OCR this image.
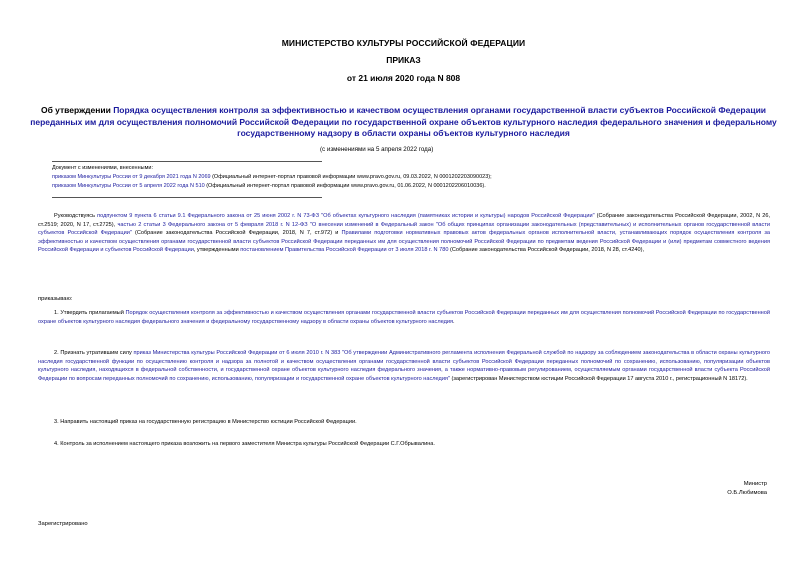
МИНИСТЕРСТВО КУЛЬТУРЫ РОССИЙСКОЙ ФЕДЕРАЦИИ
ПРИКАЗ
от 21 июля 2020 года N 808
Об утверждении Порядка осуществления контроля за эффективностью и качеством осуществления органами государственной власти субъектов Российской Федерации переданных им для осуществления полномочий Российской Федерации по государственной охране объектов культурного наследия федерального значения и федеральному государственному надзору в области охраны объектов культурного наследия
(с изменениями на 5 апреля 2022 года)
Документ с изменениями, внесенными:
приказом Минкультуры России от 9 декабря 2021 года N 2069 (Официальный интернет-портал правовой информации www.pravo.gov.ru, 09.03.2022, N 0001202203090023);
приказом Минкультуры России от 5 апреля 2022 года N 510 (Официальный интернет-портал правовой информации www.pravo.gov.ru, 01.06.2022, N 0001202206010036).
Руководствуясь подпунктом 9 пункта 6 статьи 9.1 Федерального закона от 25 июня 2002 г. N 73-ФЗ "Об объектах культурного наследия (памятниках истории и культуры) народов Российской Федерации" (Собрание законодательства Российской Федерации, 2002, N 26, ст.2519; 2020, N 17, ст.2725), частью 2 статьи 3 Федерального закона от 5 февраля 2018 г. N 12-ФЗ "О внесении изменений в Федеральный закон "Об общих принципах организации законодательных (представительных) и исполнительных органов государственной власти субъектов Российской Федерации" (Собрание законодательства Российской Федерации, 2018, N 7, ст.972) и Правилами подготовки нормативных правовых актов федеральных органов исполнительной власти, устанавливающих порядок осуществления контроля за эффективностью и качеством осуществления органами государственной власти субъектов Российской Федерации переданных им для осуществления полномочий Российской Федерации по предметам ведения Российской Федерации и (или) предметам совместного ведения Российской Федерации и субъектов Российской Федерации, утвержденными постановлением Правительства Российской Федерации от 3 июля 2018 г. N 780 (Собрание законодательства Российской Федерации, 2018, N 28, ст.4240),
приказываю:
1. Утвердить прилагаемый Порядок осуществления контроля за эффективностью и качеством осуществления органами государственной власти субъектов Российской Федерации переданных им для осуществления полномочий Российской Федерации по государственной охране объектов культурного наследия федерального значения и федеральному государственному надзору в области охраны объектов культурного наследия.
2. Признать утратившим силу приказ Министерства культуры Российской Федерации от 6 июля 2010 г. N 383 "Об утверждении Административного регламента исполнения Федеральной службой по надзору за соблюдением законодательства в области охраны культурного наследия государственной функции по осуществлению контроля и надзора за полнотой и качеством осуществления органами государственной власти субъектов Российской Федерации переданных полномочий по сохранению, использованию, популяризации объектов культурного наследия, находящихся в федеральной собственности, и государственной охране объектов культурного наследия федерального значения, а также нормативно-правовым регулированием, осуществляемым органами государственной власти субъекта Российской Федерации по вопросам переданных полномочий по сохранению, использованию, популяризации и государственной охране объектов культурного наследия" (зарегистрирован Министерством юстиции Российской Федерации 17 августа 2010 г., регистрационный N 18172).
3. Направить настоящий приказ на государственную регистрацию в Министерство юстиции Российской Федерации.
4. Контроль за исполнением настоящего приказа возложить на первого заместителя Министра культуры Российской Федерации С.Г.Обрывалина.
Министр
О.Б.Любимова
Зарегистрировано
